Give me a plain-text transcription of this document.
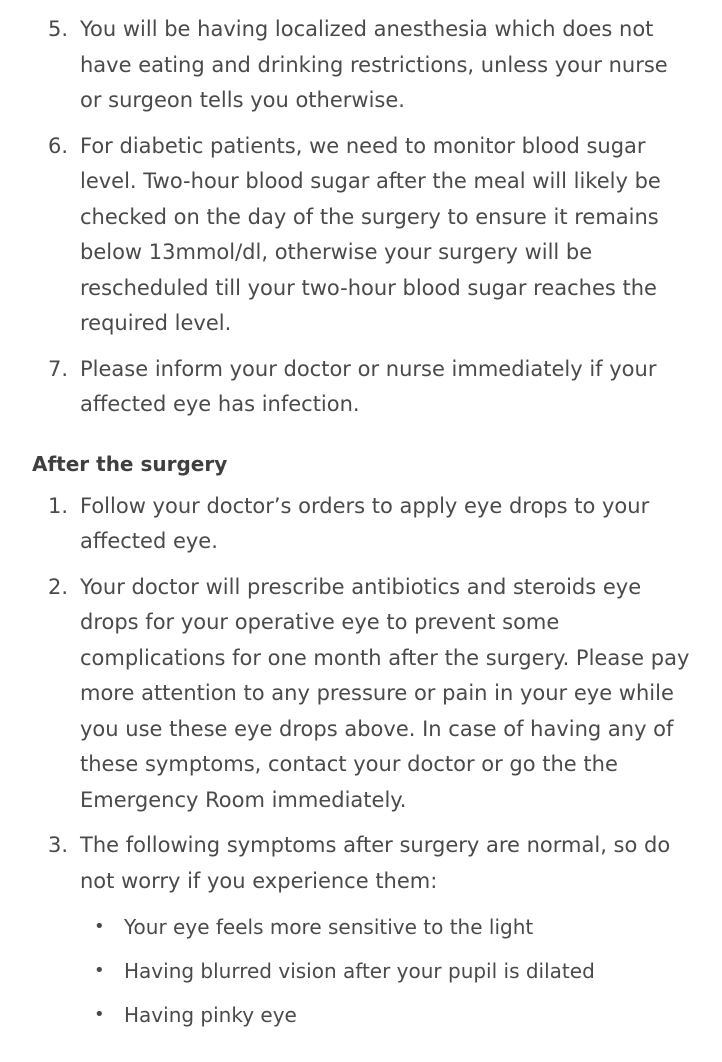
5. You will be having localized anesthesia which does not have eating and drinking restrictions, unless your nurse or surgeon tells you otherwise.
6. For diabetic patients, we need to monitor blood sugar level. Two-hour blood sugar after the meal will likely be checked on the day of the surgery to ensure it remains below 13mmol/dl, otherwise your surgery will be rescheduled till your two-hour blood sugar reaches the required level.
7. Please inform your doctor or nurse immediately if your affected eye has infection.
After the surgery
1. Follow your doctor’s orders to apply eye drops to your affected eye.
2. Your doctor will prescribe antibiotics and steroids eye drops for your operative eye to prevent some complications for one month after the surgery. Please pay more attention to any pressure or pain in your eye while you use these eye drops above. In case of having any of these symptoms, contact your doctor or go the the Emergency Room immediately.
3. The following symptoms after surgery are normal, so do not worry if you experience them:
• Your eye feels more sensitive to the light
• Having blurred vision after your pupil is dilated
• Having pinky eye
